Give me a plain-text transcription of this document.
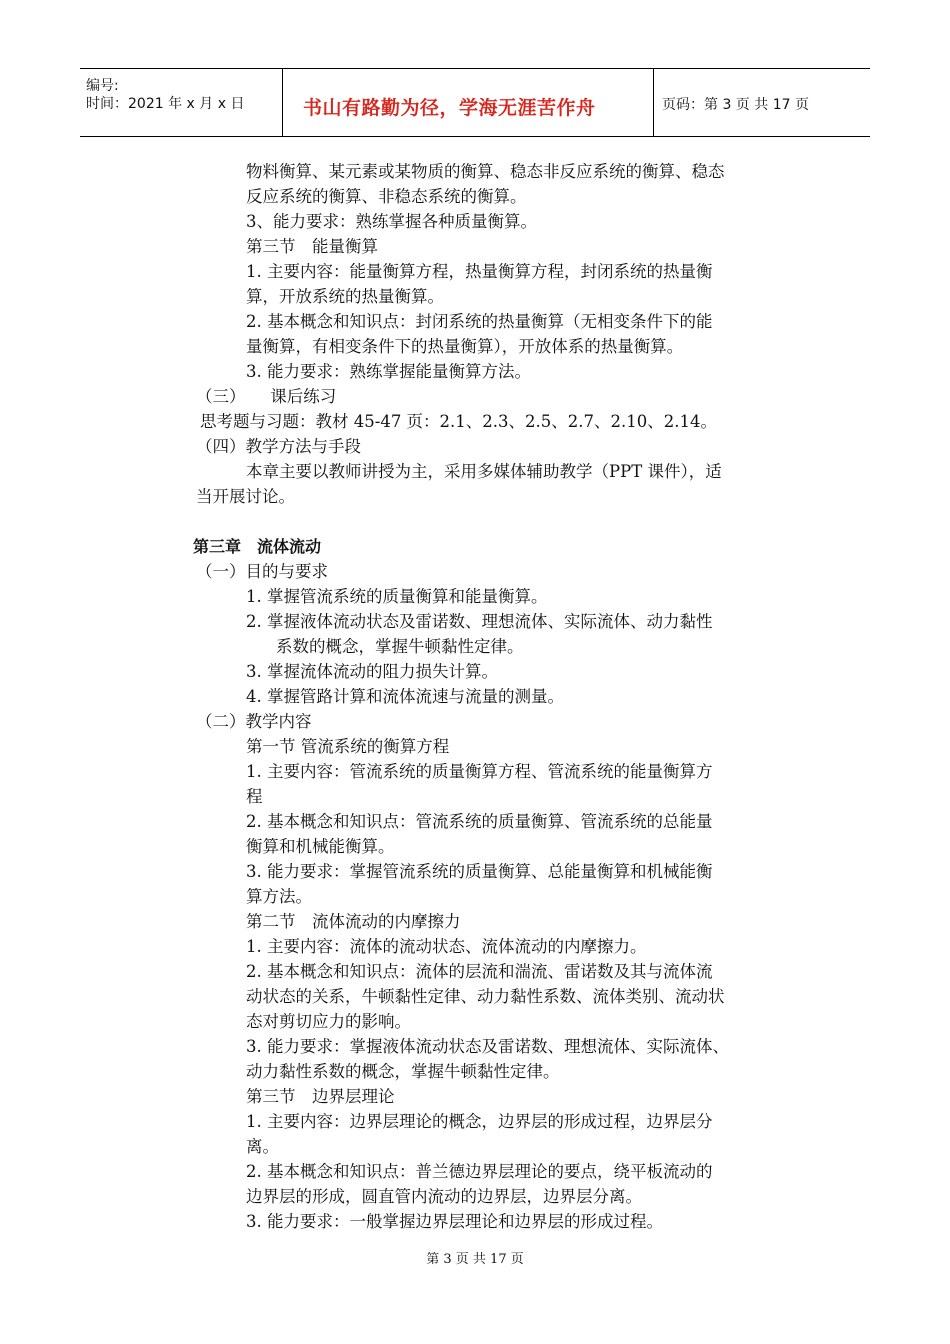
编号:
时间：2021 年 x 月 x 日	书山有路勤为径，学海无涯苦作舟	页码：第 3 页 共 17 页
物料衡算、某元素或某物质的衡算、稳态非反应系统的衡算、稳态
反应系统的衡算、非稳态系统的衡算。
3、能力要求：熟练掌握各种质量衡算。
第三节　能量衡算
1. 主要内容：能量衡算方程，热量衡算方程，封闭系统的热量衡
算，开放系统的热量衡算。
2. 基本概念和知识点：封闭系统的热量衡算（无相变条件下的能
量衡算，有相变条件下的热量衡算），开放体系的热量衡算。
3. 能力要求：熟练掌握能量衡算方法。
（三）　　课后练习
思考题与习题：教材 45-47 页：2.1、2.3、2.5、2.7、2.10、2.14。
（四）教学方法与手段
本章主要以教师讲授为主，采用多媒体辅助教学（PPT 课件），适
当开展讨论。
第三章　流体流动
（一）目的与要求
1. 掌握管流系统的质量衡算和能量衡算。
2. 掌握液体流动状态及雷诺数、理想流体、实际流体、动力黏性
系数的概念，掌握牛顿黏性定律。
3. 掌握流体流动的阻力损失计算。
4. 掌握管路计算和流体流速与流量的测量。
（二）教学内容
第一节 管流系统的衡算方程
1. 主要内容：管流系统的质量衡算方程、管流系统的能量衡算方
程
2. 基本概念和知识点：管流系统的质量衡算、管流系统的总能量
衡算和机械能衡算。
3. 能力要求：掌握管流系统的质量衡算、总能量衡算和机械能衡
算方法。
第二节　流体流动的内摩擦力
1. 主要内容：流体的流动状态、流体流动的内摩擦力。
2. 基本概念和知识点：流体的层流和湍流、雷诺数及其与流体流
动状态的关系，牛顿黏性定律、动力黏性系数、流体类别、流动状
态对剪切应力的影响。
3. 能力要求：掌握液体流动状态及雷诺数、理想流体、实际流体、
动力黏性系数的概念，掌握牛顿黏性定律。
第三节　边界层理论
1. 主要内容：边界层理论的概念，边界层的形成过程，边界层分
离。
2. 基本概念和知识点：普兰德边界层理论的要点，绕平板流动的
边界层的形成，圆直管内流动的边界层，边界层分离。
3. 能力要求：一般掌握边界层理论和边界层的形成过程。
第 3 页 共 17 页
